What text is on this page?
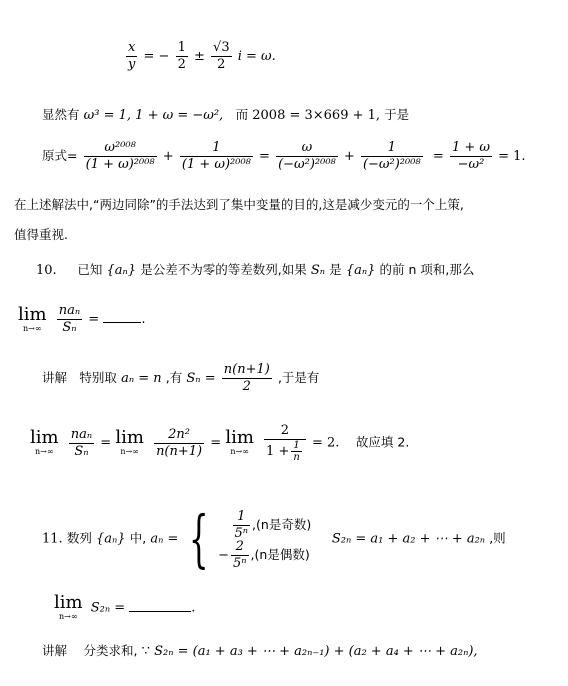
$\frac{x}{y}$ = − $\frac{1}{2} \pm \frac{√3}{2}$ i = ω.
显然有 ω³ = 1, 1 + ω = −ω², 而 2008 = 3×669 + 1, 于是
原式= $\frac{\text{ω²⁰⁰⁸}}{\text{(1 + ω)²⁰⁰⁸}} + \frac{1}{\text{(1 + ω)²⁰⁰⁸}} = \frac{\omega}{\text{(−ω²)²⁰⁰⁸}} + \frac{1}{\text{(−ω²)²⁰⁰⁸}} = \frac{1 + \omega}{\text{−ω²}} = 1$.
在上述解法中,“两边同除”的手法达到了集中变量的目的,这是减少变元的一个上策,
值得重视.
10. 已知 {aₙ} 是公差不为零的等差数列,如果 Sₙ 是 {aₙ} 的前 n 项和,那么
lim
n→∞
	$\frac{\text{naₙ}}{\text{Sₙ}}$ =	.
讲解 特别取 aₙ = n ,有 $S_n = \frac{n(n+1)}{2}$ ,于是有
lim
n→∞
	$\frac{\text{naₙ}}{\text{Sₙ}} = \lim$
n→∞
	$\frac{\text{2n²}}{n(n+1)} = \lim$
n→∞
	$\frac{2}{1 + \frac{1}{n}} = 2$. 故应填 2.
11. 数列 {aₙ} 中, aₙ = {
$\frac{1}{\text{5ⁿ}} ,(n$是奇数)
− $\frac{2}{\text{5ⁿ}} ,(n$是偶数)
S₂ₙ = a₁ + a₂ + ⋯ + a₂ₙ ,则
lim
n→∞
S₂ₙ =	.
讲解 分类求和, ∵ S₂ₙ = (a₁ + a₃ + ⋯ + a₂ₙ₋₁) + (a₂ + a₄ + ⋯ + a₂ₙ),
